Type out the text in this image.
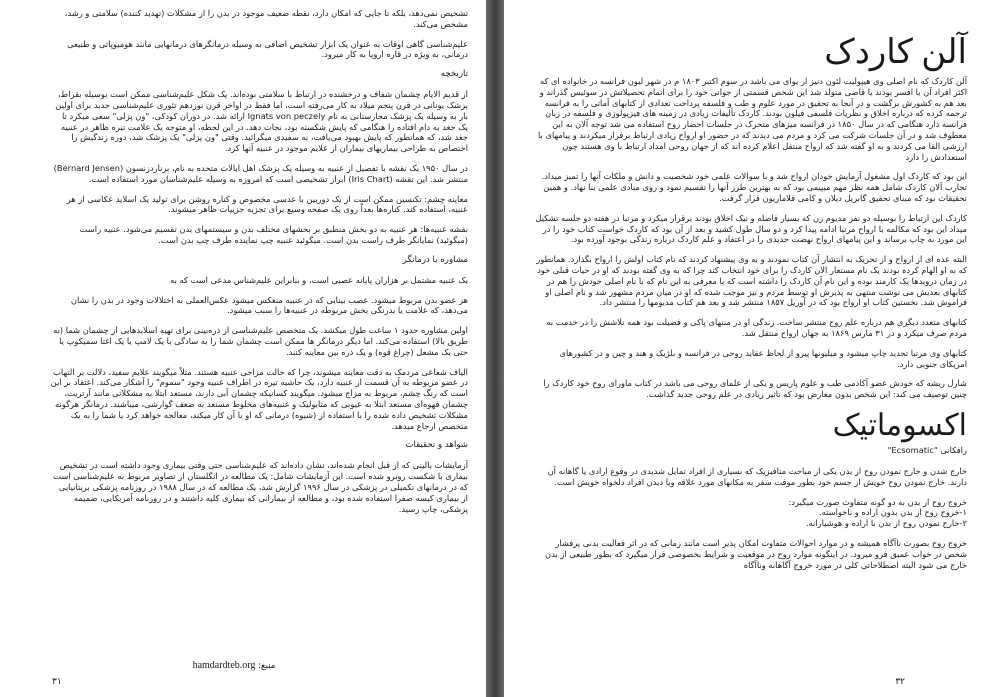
تشخیص نمی‌دهد، بلکه تا جایی که امکان دارد، نقطه ضعیف موجود در بدن را از مشکلات (تهدید کننده) سلامتی و رشد، مشخص می‌کند.

علیم‌شناسی گاهی اوقات به عنوان یک ابزار تشخیص اضافی به وسیله درمانگرهای درمانهایی مانند هومیوپاتی و طبیعی درمانی، به ویژه در قاره اروپا به کار میرود.

تاریخچه

از قدیم الایام چشمان شفاف و درخشنده در ارتباط با سلامتی بوده‌اند. یک شکل علیم‌شناسی ممکن است بوسیله بقراط، پزشک یونانی در قرن پنجم میلاد به کار می‌رفته است، اما فقط در اواخر قرن نوزدهم تئوری علیم‌شناسی جدید برای اولین بار به وسیله یک پزشک مجارستانی به نام Ignats von peczely ارائه شد. در دوران کودکی، "ون پزلی" سعی میکرد تا یک جغد به دام افتاده را هنگامی که پایش شکسته بود، نجات دهد. در این لحظه، او متوجه یک علامت تیره ظاهر در عنبیه جغد شد، که همانطور که پایش بهبود می‌یافت، به سفیدی میگرائید. وقتی "ون پزلی" یک پزشک شد، دوره زندگیش را اختصاص به طراحی بیماریهای بیماران از علایم موجود در عنبیه آنها کرد.

در سال ۱۹۵۰ یک نقشه با تفصیل از عنبیه به وسیله یک پزشک اهل ایالات متحده به نام، برناردزنسون (Bernard Jensen) منتشر شد. این نقشه (Iris Chart) ابراز تشخیصی است که امروزه به وسیله علیم‌شناسان مورد استفاده است.

معاینه چشم: تکنسین ممکن است از یک دوربین با عدسی مخصوص و کناره روشن برای تولید یک اسلاید عکاسی از هر عنبیه، استفاده کند. کناره‌ها بعداً روی یک صفحه وسیع برای تجزیه جزییات ظاهر میشوند.

نقشه عنبیه‌ها: هر عنبیه به دو بخش منطبق بر بخشهای مختلف بدن و سیستمهای بدن تقسیم می‌شود. عنبیه راست (میگوئید) نمایانگر طرف راست بدن است. میگوئید عنبیه چپ نماینده طرف چپ بدن است.

مشاوره با درمانگر

یک عنبیه مشتمل بر هزاران پایانه عصبی است، و بنابراین علیم‌شناس مدعی است که به

هر عضو بدن مربوط میشود. عصب بینایی که در عنبیه منعکس میشود عکس‌العملی به اختلالات وجود در بدن را نشان می‌دهد، که علامت یا بدرنگی بخش مربوطه در عنبیه‌ها را سبب میشود.

اولین مشاوره حدود ۱ ساعت طول میکشد. یک متخصص علیم‌شناسی از ذره‌بینی برای تهیه اسلایدهایی از چشمان شما (به طریق بالا) استفاده می‌کند. اما دیگر درمانگر ها ممکن است چشمان شما را به سادگی با یک لامپ یا یک اغتا سمیکوپ یا حتی یک مشعل (چراغ قوه) و یک ذره بین معاینه کنند.

الیاف شعاعی مردمک به دقت معاینه میشوند، چرا که حالت مزاجی عنبیه هستند. مثلاً میگویند علایم سفید، دلالت بر التهاب در عضو مربوطه به آن قسمت از عنبیه دارد، یک حاشیه تیره در اطراف عنبیه وجود "سموم" را آشکار می‌کند. اعتقاد بر این است که رنگ چشم، مربوط به مزاج میشود. میگویند کسانیکه چشمان آبی دارند، مستعد ابتلا به مشکلاتی مانند آرتریت، چشمان قهوه‌ای مستعد ابتلا به عیوبی که متابولیک و عنبیه‌های مخلوط مستعد به ضعف گوارشی، میباشند. درمانگر هرگونه مشکلات تشخیص داده شده را با استفاده از (شیوه) درمانی که او با آن کار میکند، معالجه خواهد کرد یا شما را به یک متخصص ارجاع میدهد.

شواهد و تحقیقات

آزمایشات بالینی که از قبل انجام شده‌اند، نشان داده‌اند که علیم‌شناسی حتی وقتی بیماری وجود داشته است در تشخیص بیماری با شکست روبرو شده است. این آزمایشات شامل: یک مطالعه در انگلستان از تصاویر مربوط به علیم‌شناسی است که در درمانهای تکمیلی در پزشکی در سال ۱۹۹۶ گزارش شد، یک مطالعه که در سال ۱۹۸۸ در روزنامه پزشکی بریتانیایی از بیماری کیسه صفرا استفاده شده بود، و مطالعه از بیمارانی که بیماری کلیه داشتند و در روزنامه آمریکایی، ضمیمه پزشکی، چاپ رسید.

منبع: hamdardteb.org
۳۱
آلن کاردک

آلن کاردک که نام اصلی وی هیپولیت لئون دنیز ار یوای می باشد در سوم اکتبر ۱۸۰۳ م در شهر لیون فرانسه در خانواده ای که اکثر افراد آن یا افسر بودند یا قاضی متولد شد این شخص قسمتی از جوانی خود را برای اتمام تحصیلاتش در سوئیس گذراند و بعد هم به کشورش برگشت و در آنجا به تحقیق در مورد علوم و طب و فلسفه پرداخت تعدادی از کتابهای آماتی را به فرانسه ترجمه کرده که درباره اخلاق و نظریات فلسفی فیلون بودند. کاردک تألیفات زیادی در زمینه های فیزیولوژی و فلسفه در زبان فرانسه دارد هنگامی که در سال ۱۸۵۰ در فرانسه میزهای متحرک در جلسات احضار روح استفاده می شد توجه آلان به این معطوف شد و در آن جلسات شرکت می کرد و مردم می دیدند که در حضور او ارواح زیادی ارتباط برقرار میکردند و پیامهای با ارزشی القا می کردند و به او گفته شد که ارواح منتقل اعلام کرده اند که از جهان روحی امداد ارتباط با وی هستند چون استعدادش را دارد

این بود که کاردک اول مشغول آزمایش خودان ارواح شد و با سوالات علمی خود شخصیت و دانش و ملکات آنها را تمیز میداد. تجارب آلان کاردک شامل همه نظر مهم میپیمی بود که به بهترین طرز آنها را تقسیم نمود و روی مبادی علمی بنا نهاد. و همین تحقیقات بود که مبنای تحقیق گابریل دیلان و کامی فلاماریون قرار گرفت.

کاردک این ارتباط را بوسیله دو نفر مدیوم زن که بسیار فاضله و نیک اخلاق بودند برقرار میکرد و مرتبا در هفته دو جلسه تشکیل میداد این بود که مکالمه با ارواح مرتبا ادامه پیدا کرد و دو سال طول کشید و بعد از آن بود که کاردک خواست کتاب خود را در این مورد به چاپ برساند و این پیامهای ارواح نهضت جدیدی را در اعتقاد و علم کاردک درباره زندگی بوجود آورده بود.

البته عده ای از ارواح و از تحریک به انتشار آن کتاب نمودند و به وی پیشنهاد کردند که نام کتاب اولش را ارواح بگذارد. همانطور که به او الهام کرده بودند یک نام مستعار الان کاردک را برای خود انتخاب کند چرا که به وی گفته بودند که او در حیات قبلی خود در زمان درویدها یک کارمند بوده و این نام آن کاردک را داشته است که با معرفی به این نام که با نام اصلی خودش را هم در کتابهای بعدیش می نوشت منتهی به پذیرش او توسط مردم و نیز موجب شده که او در میان مردم مشهور شد و نام اصلی او فراموش شد. نخستین کتاب او ارواح بود که در آوریل ۱۸۵۷ منتشر شد و بعد هم کتاب مدیومها را منتشر داد.

کتابهای متعدد دیگری هم درباره علم روح منتشر ساخت. زندگی او در منتهای پاکی و فضیلت بود همه تلاشش را در خدمت به مردم صرف میکرد و در ۳۱ مارس ۱۸۶۹ به جهان ارواح منتقل شد.

کتابهای وی مرتبا تجدید چاپ میشود و میلیونها پیرو از لحاظ عقاید روحی در فرانسه و بلژیک و هند و چین و در کشورهای امریکای جنوبی دارد.

شارل ریشه که خودش عضو آکادمی طب و علوم پاریس و یکی از علمای روحی می باشد در کتاب ماورای روح خود کاردک را چنین توصیف می کند: این شخص بدون معارض بود که تاثیر زیادی در علم روحی جدید گذاشت.

اکسوماتیک

رافکانی "Ecsomatic"

خارج شدن و خارج نمودن روح از بدن یکی از مباحث متافیزیک که بسیاری از افراد تمایل شدیدی در وقوع ارادی یا گاهانه آن دارند. خارج نمودن روح خویش از جسم خود بطور موقت سفر به مکانهای مورد علاقه ویا دیدن افراد دلخواه خویش است.

خروج روح از بدن به دو گونه متفاوت صورت میگیرد:
۱-خروج روح از بدن بدون اراده و ناخواسته.
۲-خارج نمودن روح از بدن با اراده و هوشیارانه.

خروج روح بصورت ناآگاه همیشه و در موارد احوالات متفاوت امکان پذیر است مانند زمانی که در اثر فعالیت بدنی پرفشار شخص در خواب عمیق فرو میرود. در اینگونه موارد روح در موقعیت و شرایط بخصوصی قرار میگیرد که بطور طبیعی از بدن خارج می شود البته اصطلاحاتی کلی در مورد خروج آگاهانه وناآگاه

۳۲
